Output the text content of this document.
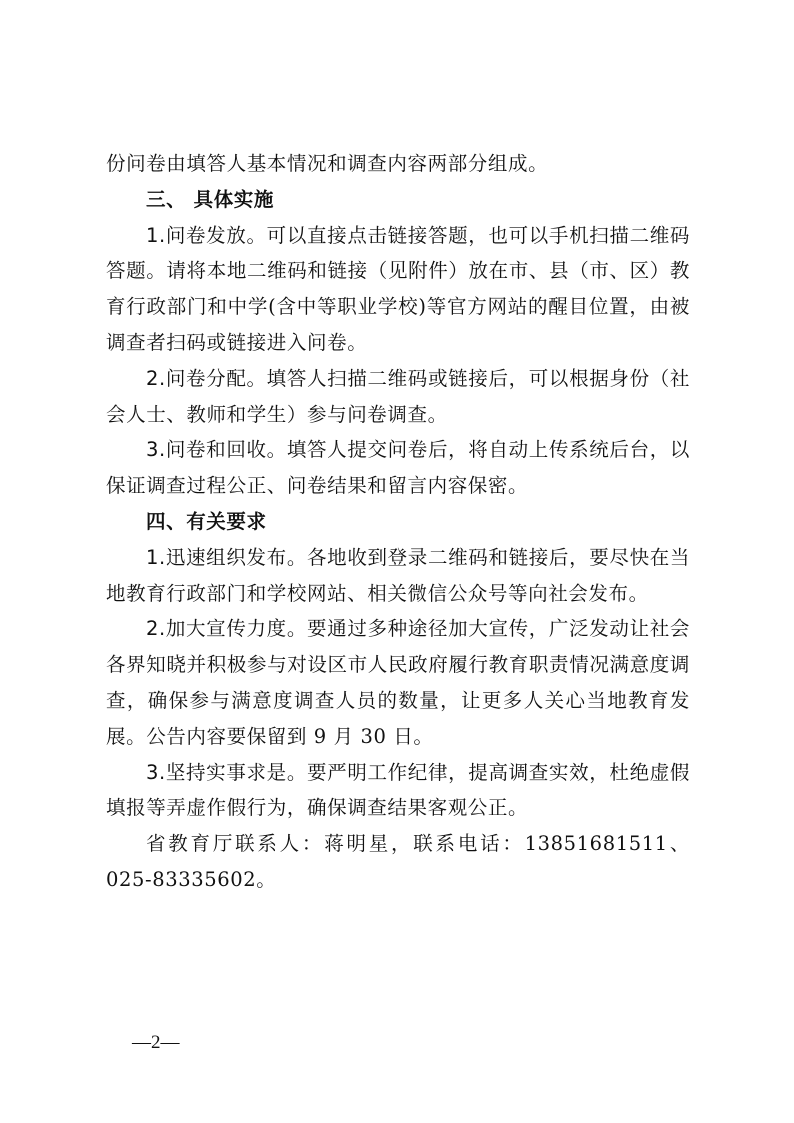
份问卷由填答人基本情况和调查内容两部分组成。

三、 具体实施

1.问卷发放。可以直接点击链接答题，也可以手机扫描二维码答题。请将本地二维码和链接（见附件）放在市、县（市、区）教育行政部门和中学(含中等职业学校)等官方网站的醒目位置，由被调查者扫码或链接进入问卷。

2.问卷分配。填答人扫描二维码或链接后，可以根据身份（社会人士、教师和学生）参与问卷调查。

3.问卷和回收。填答人提交问卷后，将自动上传系统后台，以保证调查过程公正、问卷结果和留言内容保密。

四、有关要求

1.迅速组织发布。各地收到登录二维码和链接后，要尽快在当地教育行政部门和学校网站、相关微信公众号等向社会发布。

2.加大宣传力度。要通过多种途径加大宣传，广泛发动让社会各界知晓并积极参与对设区市人民政府履行教育职责情况满意度调查，确保参与满意度调查人员的数量，让更多人关心当地教育发展。公告内容要保留到 9 月 30 日。

3.坚持实事求是。要严明工作纪律，提高调查实效，杜绝虚假填报等弄虚作假行为，确保调查结果客观公正。

省教育厅联系人：蒋明星，联系电话：13851681511、025-83335602。

—2—
